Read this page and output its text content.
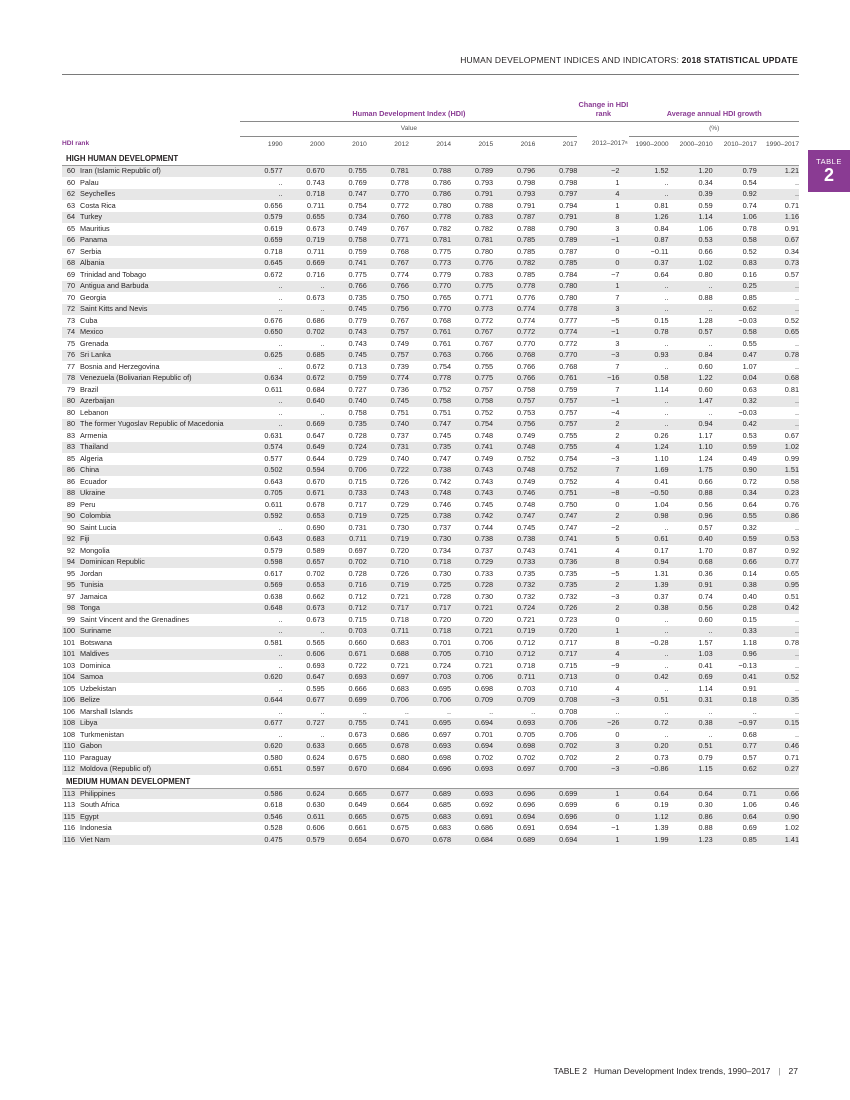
HUMAN DEVELOPMENT INDICES AND INDICATORS: 2018 STATISTICAL UPDATE
TABLE
2
		Human Development Index (HDI)								Change in HDI rank	Average annual HDI growth			
		Value									(%)			
HDI rank		1990	2000	2010	2012	2014	2015	2016	2017	2012–2017ᵃ	1990–2000	2000–2010	2010–2017	1990–2017
HIGH HUMAN DEVELOPMENT														
60	Iran (Islamic Republic of)	0.577	0.670	0.755	0.781	0.788	0.789	0.796	0.798	−2	1.52	1.20	0.79	1.21
60	Palau	..	0.743	0.769	0.778	0.786	0.793	0.798	0.798	1	..	0.34	0.54	..
62	Seychelles	..	0.718	0.747	0.770	0.786	0.791	0.793	0.797	4	..	0.39	0.92	..
63	Costa Rica	0.656	0.711	0.754	0.772	0.780	0.788	0.791	0.794	1	0.81	0.59	0.74	0.71
64	Turkey	0.579	0.655	0.734	0.760	0.778	0.783	0.787	0.791	8	1.26	1.14	1.06	1.16
65	Mauritius	0.619	0.673	0.749	0.767	0.782	0.782	0.788	0.790	3	0.84	1.06	0.78	0.91
66	Panama	0.659	0.719	0.758	0.771	0.781	0.781	0.785	0.789	−1	0.87	0.53	0.58	0.67
67	Serbia	0.718	0.711	0.759	0.768	0.775	0.780	0.785	0.787	0	−0.11	0.66	0.52	0.34
68	Albania	0.645	0.669	0.741	0.767	0.773	0.776	0.782	0.785	0	0.37	1.02	0.83	0.73
69	Trinidad and Tobago	0.672	0.716	0.775	0.774	0.779	0.783	0.785	0.784	−7	0.64	0.80	0.16	0.57
70	Antigua and Barbuda	..	..	0.766	0.766	0.770	0.775	0.778	0.780	1	..	..	0.25	..
70	Georgia	..	0.673	0.735	0.750	0.765	0.771	0.776	0.780	7	..	0.88	0.85	..
72	Saint Kitts and Nevis	..	..	0.745	0.756	0.770	0.773	0.774	0.778	3	..	..	0.62	..
73	Cuba	0.676	0.686	0.779	0.767	0.768	0.772	0.774	0.777	−5	0.15	1.28	−0.03	0.52
74	Mexico	0.650	0.702	0.743	0.757	0.761	0.767	0.772	0.774	−1	0.78	0.57	0.58	0.65
75	Grenada	..	..	0.743	0.749	0.761	0.767	0.770	0.772	3	..	..	0.55	..
76	Sri Lanka	0.625	0.685	0.745	0.757	0.763	0.766	0.768	0.770	−3	0.93	0.84	0.47	0.78
77	Bosnia and Herzegovina	..	0.672	0.713	0.739	0.754	0.755	0.766	0.768	7	..	0.60	1.07	..
78	Venezuela (Bolivarian Republic of)	0.634	0.672	0.759	0.774	0.778	0.775	0.766	0.761	−16	0.58	1.22	0.04	0.68
79	Brazil	0.611	0.684	0.727	0.736	0.752	0.757	0.758	0.759	7	1.14	0.60	0.63	0.81
80	Azerbaijan	..	0.640	0.740	0.745	0.758	0.758	0.757	0.757	−1	..	1.47	0.32	..
80	Lebanon	..	..	0.758	0.751	0.751	0.752	0.753	0.757	−4	..	..	−0.03	..
80	The former Yugoslav Republic of Macedonia	..	0.669	0.735	0.740	0.747	0.754	0.756	0.757	2	..	0.94	0.42	..
83	Armenia	0.631	0.647	0.728	0.737	0.745	0.748	0.749	0.755	2	0.26	1.17	0.53	0.67
83	Thailand	0.574	0.649	0.724	0.731	0.735	0.741	0.748	0.755	4	1.24	1.10	0.59	1.02
85	Algeria	0.577	0.644	0.729	0.740	0.747	0.749	0.752	0.754	−3	1.10	1.24	0.49	0.99
86	China	0.502	0.594	0.706	0.722	0.738	0.743	0.748	0.752	7	1.69	1.75	0.90	1.51
86	Ecuador	0.643	0.670	0.715	0.726	0.742	0.743	0.749	0.752	4	0.41	0.66	0.72	0.58
88	Ukraine	0.705	0.671	0.733	0.743	0.748	0.743	0.746	0.751	−8	−0.50	0.88	0.34	0.23
89	Peru	0.611	0.678	0.717	0.729	0.746	0.745	0.748	0.750	0	1.04	0.56	0.64	0.76
90	Colombia	0.592	0.653	0.719	0.725	0.738	0.742	0.747	0.747	2	0.98	0.96	0.55	0.86
90	Saint Lucia	..	0.690	0.731	0.730	0.737	0.744	0.745	0.747	−2	..	0.57	0.32	..
92	Fiji	0.643	0.683	0.711	0.719	0.730	0.738	0.738	0.741	5	0.61	0.40	0.59	0.53
92	Mongolia	0.579	0.589	0.697	0.720	0.734	0.737	0.743	0.741	4	0.17	1.70	0.87	0.92
94	Dominican Republic	0.598	0.657	0.702	0.710	0.718	0.729	0.733	0.736	8	0.94	0.68	0.66	0.77
95	Jordan	0.617	0.702	0.728	0.726	0.730	0.733	0.735	0.735	−5	1.31	0.36	0.14	0.65
95	Tunisia	0.569	0.653	0.716	0.719	0.725	0.728	0.732	0.735	2	1.39	0.91	0.38	0.95
97	Jamaica	0.638	0.662	0.712	0.721	0.728	0.730	0.732	0.732	−3	0.37	0.74	0.40	0.51
98	Tonga	0.648	0.673	0.712	0.717	0.717	0.721	0.724	0.726	2	0.38	0.56	0.28	0.42
99	Saint Vincent and the Grenadines	..	0.673	0.715	0.718	0.720	0.720	0.721	0.723	0	..	0.60	0.15	..
100	Suriname	..	..	0.703	0.711	0.718	0.721	0.719	0.720	1	..	..	0.33	..
101	Botswana	0.581	0.565	0.660	0.683	0.701	0.706	0.712	0.717	8	−0.28	1.57	1.18	0.78
101	Maldives	..	0.606	0.671	0.688	0.705	0.710	0.712	0.717	4	..	1.03	0.96	..
103	Dominica	..	0.693	0.722	0.721	0.724	0.721	0.718	0.715	−9	..	0.41	−0.13	..
104	Samoa	0.620	0.647	0.693	0.697	0.703	0.706	0.711	0.713	0	0.42	0.69	0.41	0.52
105	Uzbekistan	..	0.595	0.666	0.683	0.695	0.698	0.703	0.710	4	..	1.14	0.91	..
106	Belize	0.644	0.677	0.699	0.706	0.706	0.709	0.709	0.708	−3	0.51	0.31	0.18	0.35
106	Marshall Islands	..	..	..	..	..	..	..	0.708	..	..	..	..	..
108	Libya	0.677	0.727	0.755	0.741	0.695	0.694	0.693	0.706	−26	0.72	0.38	−0.97	0.15
108	Turkmenistan	..	..	0.673	0.686	0.697	0.701	0.705	0.706	0	..	..	0.68	..
110	Gabon	0.620	0.633	0.665	0.678	0.693	0.694	0.698	0.702	3	0.20	0.51	0.77	0.46
110	Paraguay	0.580	0.624	0.675	0.680	0.698	0.702	0.702	0.702	2	0.73	0.79	0.57	0.71
112	Moldova (Republic of)	0.651	0.597	0.670	0.684	0.696	0.693	0.697	0.700	−3	−0.86	1.15	0.62	0.27
MEDIUM HUMAN DEVELOPMENT														
113	Philippines	0.586	0.624	0.665	0.677	0.689	0.693	0.696	0.699	1	0.64	0.64	0.71	0.66
113	South Africa	0.618	0.630	0.649	0.664	0.685	0.692	0.696	0.699	6	0.19	0.30	1.06	0.46
115	Egypt	0.546	0.611	0.665	0.675	0.683	0.691	0.694	0.696	0	1.12	0.86	0.64	0.90
116	Indonesia	0.528	0.606	0.661	0.675	0.683	0.686	0.691	0.694	−1	1.39	0.88	0.69	1.02
116	Viet Nam	0.475	0.579	0.654	0.670	0.678	0.684	0.689	0.694	1	1.99	1.23	0.85	1.41
TABLE 2 Human Development Index trends, 1990–2017 | 27
